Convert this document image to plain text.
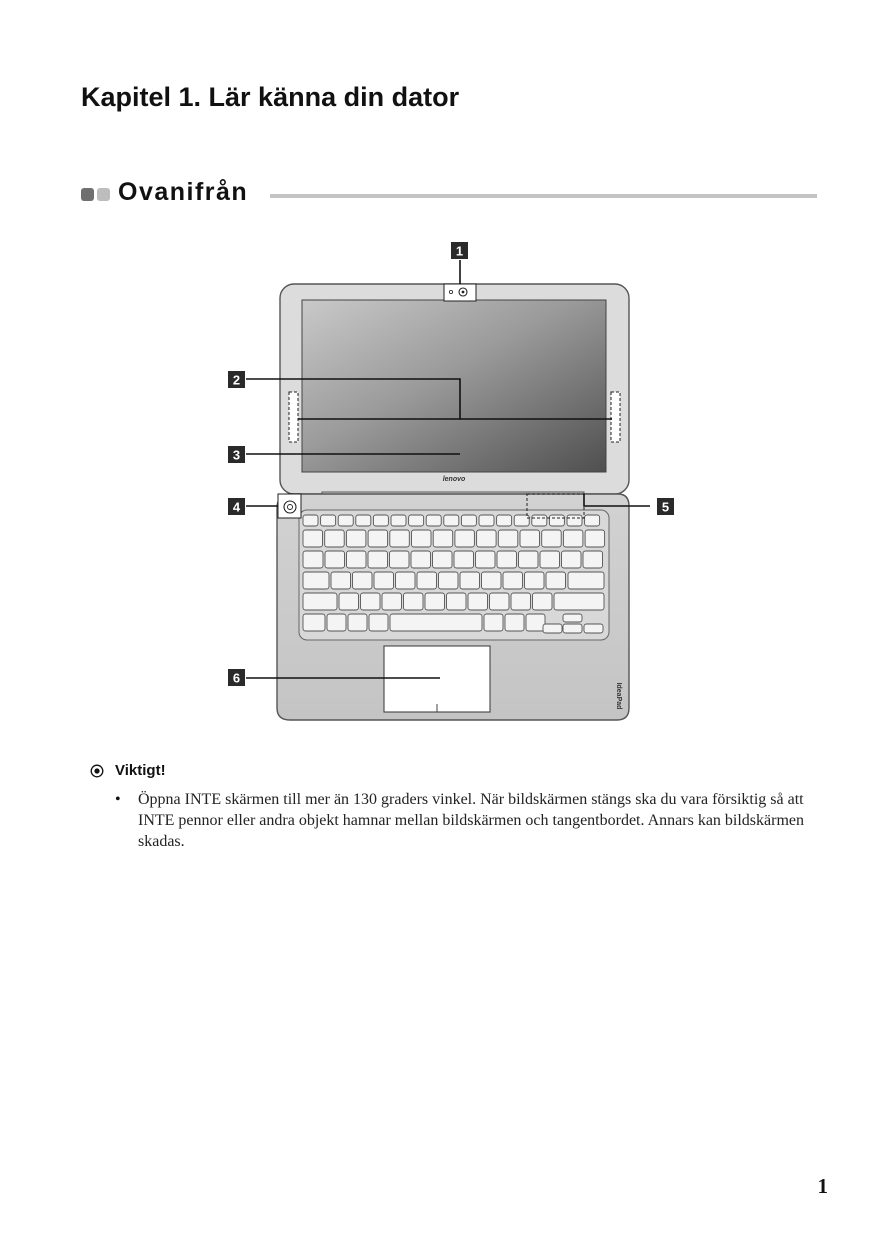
Kapitel 1. Lär känna din dator
Ovanifrån
lenovo
IdeaPad
1
2
3
4	5
6

Viktigt!

• Öppna INTE skärmen till mer än 130 graders vinkel. När bildskärmen stängs ska du vara försiktig så att INTE pennor eller andra objekt hamnar mellan bildskärmen och tangentbordet. Annars kan bildskärmen skadas.

1
